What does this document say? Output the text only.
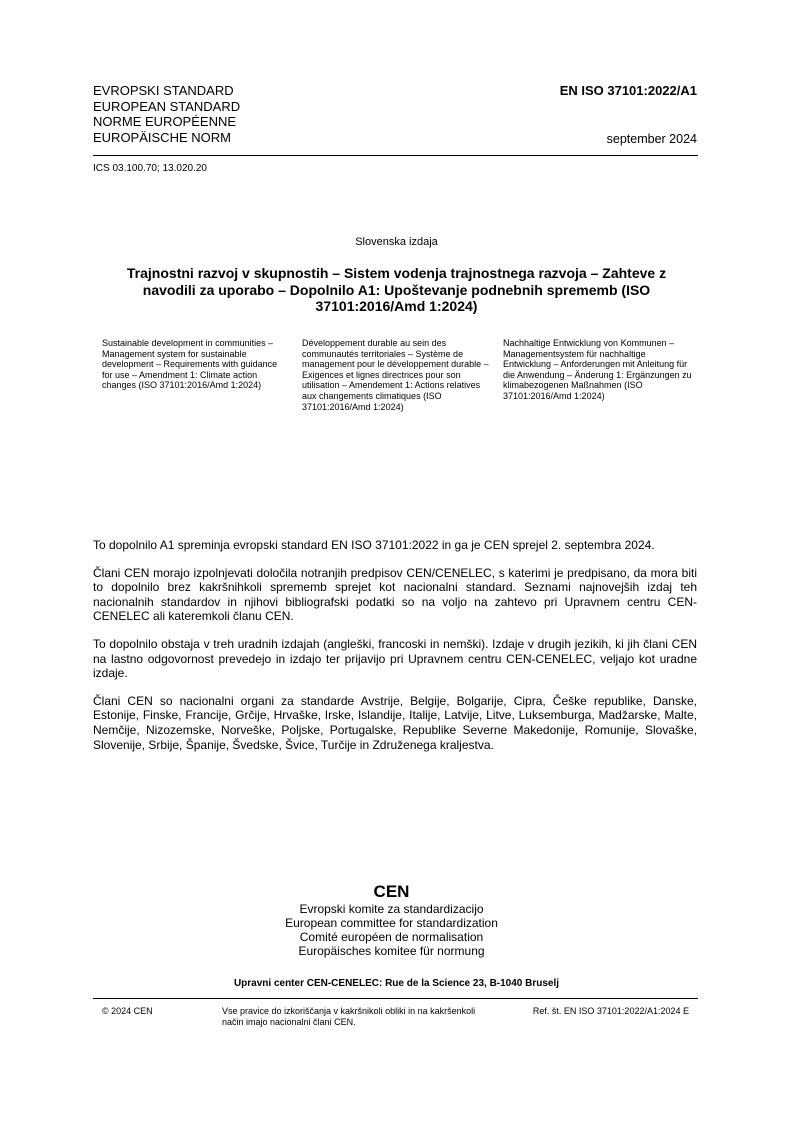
EVROPSKI STANDARD
EUROPEAN STANDARD
NORME EUROPÉENNE
EUROPÄISCHE NORM
EN ISO 37101:2022/A1
september 2024
ICS 03.100.70; 13.020.20
Slovenska izdaja
Trajnostni razvoj v skupnostih – Sistem vodenja trajnostnega razvoja – Zahteve z navodili za uporabo – Dopolnilo A1: Upoštevanje podnebnih sprememb (ISO 37101:2016/Amd 1:2024)
Sustainable development in communities – Management system for sustainable development – Requirements with guidance for use – Amendment 1: Climate action changes (ISO 37101:2016/Amd 1:2024)
Développement durable au sein des communautés territoriales – Système de management pour le développement durable – Exigences et lignes directrices pour son utilisation – Amendement 1: Actions relatives aux changements climatiques (ISO 37101:2016/Amd 1:2024)
Nachhaltige Entwicklung von Kommunen – Managementsystem für nachhaltige Entwicklung – Anforderungen mit Anleitung für die Anwendung – Änderung 1: Ergänzungen zu klimabezogenen Maßnahmen (ISO 37101:2016/Amd 1:2024)

To dopolnilo A1 spreminja evropski standard EN ISO 37101:2022 in ga je CEN sprejel 2. septembra 2024.

Člani CEN morajo izpolnjevati določila notranjih predpisov CEN/CENELEC, s katerimi je predpisano, da mora biti to dopolnilo brez kakršnihkoli sprememb sprejet kot nacionalni standard. Seznami najnovejših izdaj teh nacionalnih standardov in njihovi bibliografski podatki so na voljo na zahtevo pri Upravnem centru CEN-CENELEC ali kateremkoli članu CEN.

To dopolnilo obstaja v treh uradnih izdajah (angleški, francoski in nemški). Izdaje v drugih jezikih, ki jih člani CEN na lastno odgovornost prevedejo in izdajo ter prijavijo pri Upravnem centru CEN-CENELEC, veljajo kot uradne izdaje.

Člani CEN so nacionalni organi za standarde Avstrije, Belgije, Bolgarije, Cipra, Češke republike, Danske, Estonije, Finske, Francije, Grčije, Hrvaške, Irske, Islandije, Italije, Latvije, Litve, Luksemburga, Madžarske, Malte, Nemčije, Nizozemske, Norveške, Poljske, Portugalske, Republike Severne Makedonije, Romunije, Slovaške, Slovenije, Srbije, Španije, Švedske, Švice, Turčije in Združenega kraljestva.

CEN
Evropski komite za standardizacijo
European committee for standardization
Comité européen de normalisation
Europäisches komitee für normung
Upravni center CEN-CENELEC: Rue de la Science 23, B-1040 Bruselj
© 2024 CEN	Vse pravice do izkoriščanja v kakršnikoli obliki in na kakršenkoli način imajo nacionalni člani CEN.
Ref. št. EN ISO 37101:2022/A1:2024 E
